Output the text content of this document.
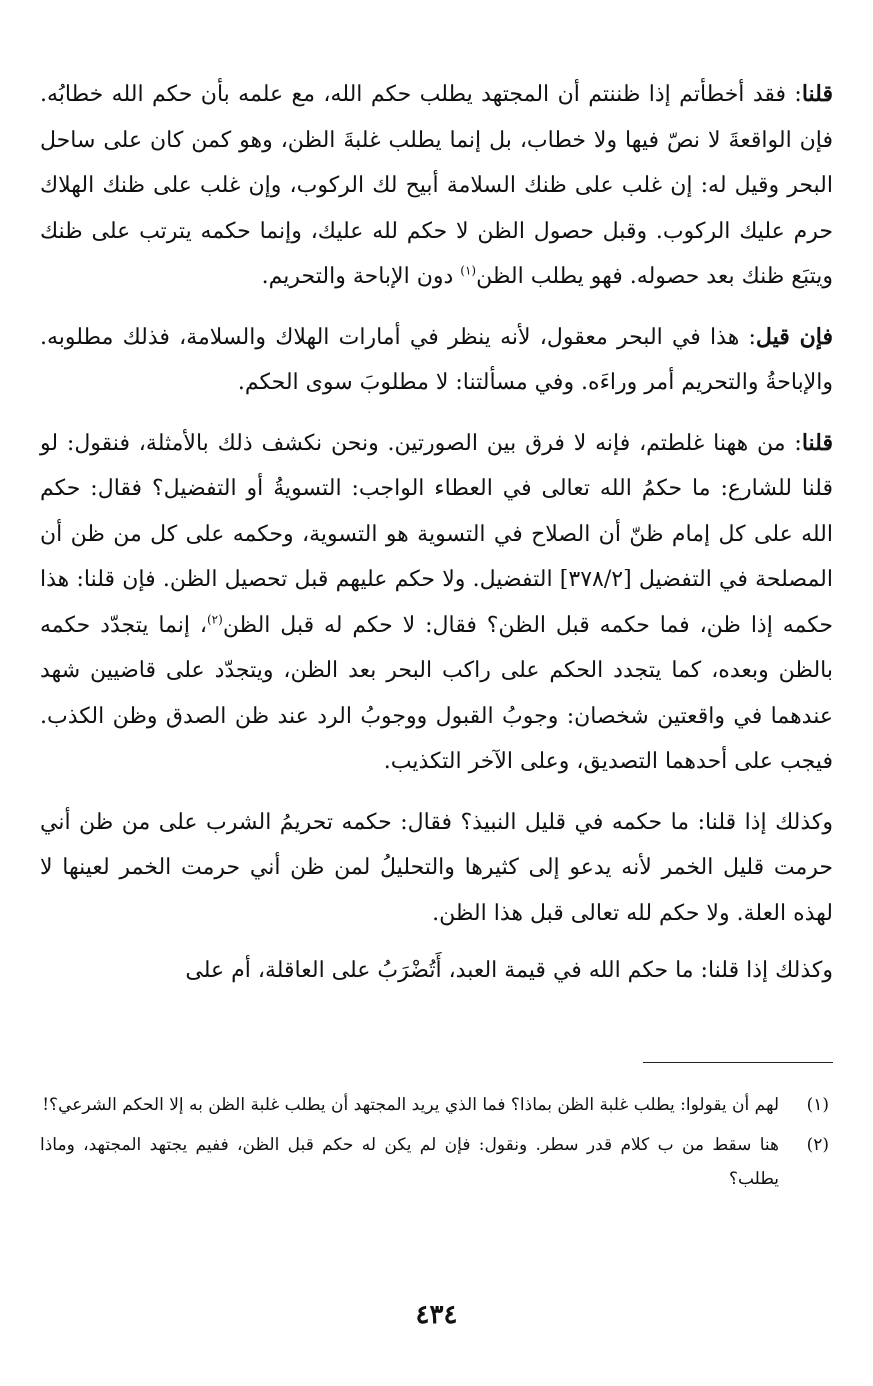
قلنا: فقد أخطأتم إذا ظننتم أن المجتهد يطلب حكم الله، مع علمه بأن حكم الله خطابُه. فإن الواقعةَ لا نصّ فيها ولا خطاب، بل إنما يطلب غلبةَ الظن، وهو كمن كان على ساحل البحر وقيل له: إن غلب على ظنك السلامة أبيح لك الركوب، وإن غلب على ظنك الهلاك حرم عليك الركوب. وقبل حصول الظن لا حكم لله عليك، وإنما حكمه يترتب على ظنك ويتبَع ظنك بعد حصوله. فهو يطلب الظن$^{(١)}$ دون الإباحة والتحريم.

فإن قيل: هذا في البحر معقول، لأنه ينظر في أمارات الهلاك والسلامة، فذلك مطلوبه. والإباحةُ والتحريم أمر وراءَه. وفي مسألتنا: لا مطلوبَ سوى الحكم.

قلنا: من ههنا غلطتم، فإنه لا فرق بين الصورتين. ونحن نكشف ذلك بالأمثلة، فنقول: لو قلنا للشارع: ما حكمُ الله تعالى في العطاء الواجب: التسويةُ أو التفضيل؟ فقال: حكم الله على كل إمام ظنّ أن الصلاح في التسوية هو التسوية، وحكمه على كل من ظن أن المصلحة في التفضيل [٣٧٨/٢] التفضيل. ولا حكم عليهم قبل تحصيل الظن. فإن قلنا: هذا حكمه إذا ظن، فما حكمه قبل الظن؟ فقال: لا حكم له قبل الظن$^{(٢)}$، إنما يتجدّد حكمه بالظن وبعده، كما يتجدد الحكم على راكب البحر بعد الظن، ويتجدّد على قاضيين شهد عندهما في واقعتين شخصان: وجوبُ القبول ووجوبُ الرد عند ظن الصدق وظن الكذب. فيجب على أحدهما التصديق، وعلى الآخر التكذيب.

وكذلك إذا قلنا: ما حكمه في قليل النبيذ؟ فقال: حكمه تحريمُ الشرب على من ظن أني حرمت قليل الخمر لأنه يدعو إلى كثيرها والتحليلُ لمن ظن أني حرمت الخمر لعينها لا لهذه العلة. ولا حكم لله تعالى قبل هذا الظن.

وكذلك إذا قلنا: ما حكم الله في قيمة العبد، أَتُضْرَبُ على العاقلة، أم على

(١)
لهم أن يقولوا: يطلب غلبة الظن بماذا؟ فما الذي يريد المجتهد أن يطلب غلبة الظن به إلا الحكم الشرعي؟!
(٢)
هنا سقط من ب كلام قدر سطر. ونقول: فإن لم يكن له حكم قبل الظن، ففيم يجتهد المجتهد، وماذا يطلب؟
٤٣٤
